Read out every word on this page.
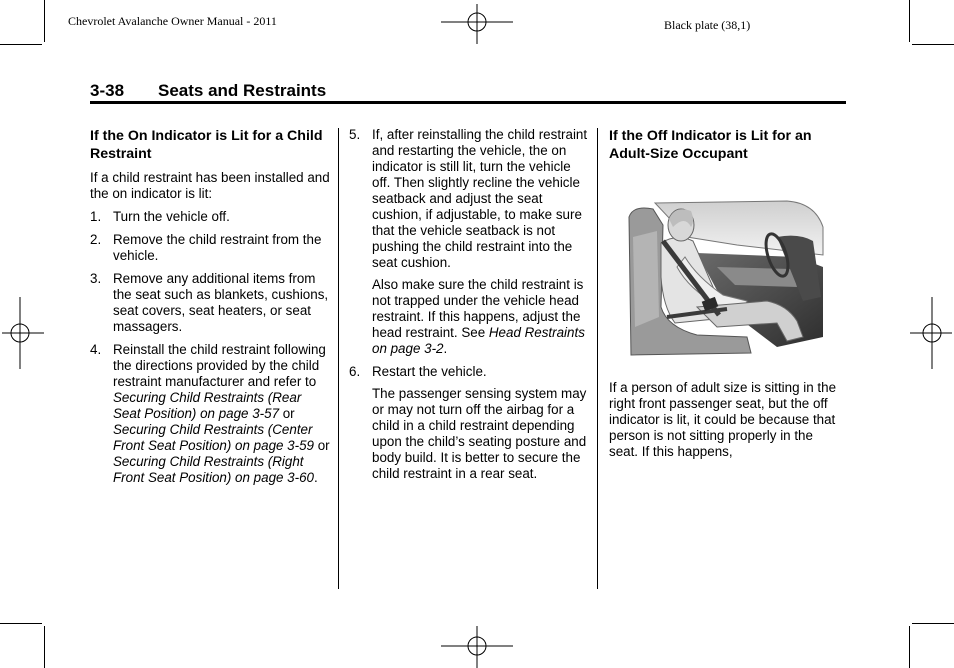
Chevrolet Avalanche Owner Manual - 2011	Black plate (38,1)
3-38 Seats and Restraints
If the On Indicator is Lit for a Child Restraint

If a child restraint has been installed and the on indicator is lit:

1. Turn the vehicle off.
2. Remove the child restraint from the vehicle.
3. Remove any additional items from the seat such as blankets, cushions, seat covers, seat heaters, or seat massagers.
4. Reinstall the child restraint following the directions provided by the child restraint manufacturer and refer to Securing Child Restraints (Rear Seat Position) on page 3-57 or Securing Child Restraints (Center Front Seat Position) on page 3-59 or Securing Child Restraints (Right Front Seat Position) on page 3-60.
5. If, after reinstalling the child restraint and restarting the vehicle, the on indicator is still lit, turn the vehicle off. Then slightly recline the vehicle seatback and adjust the seat cushion, if adjustable, to make sure that the vehicle seatback is not pushing the child restraint into the seat cushion.

Also make sure the child restraint is not trapped under the vehicle head restraint. If this happens, adjust the head restraint. See Head Restraints on page 3-2.

6. Restart the vehicle.

The passenger sensing system may or may not turn off the airbag for a child in a child restraint depending upon the child’s seating posture and body build. It is better to secure the child restraint in a rear seat.

If the Off Indicator is Lit for an Adult-Size Occupant

If a person of adult size is sitting in the right front passenger seat, but the off indicator is lit, it could be because that person is not sitting properly in the seat. If this happens,
